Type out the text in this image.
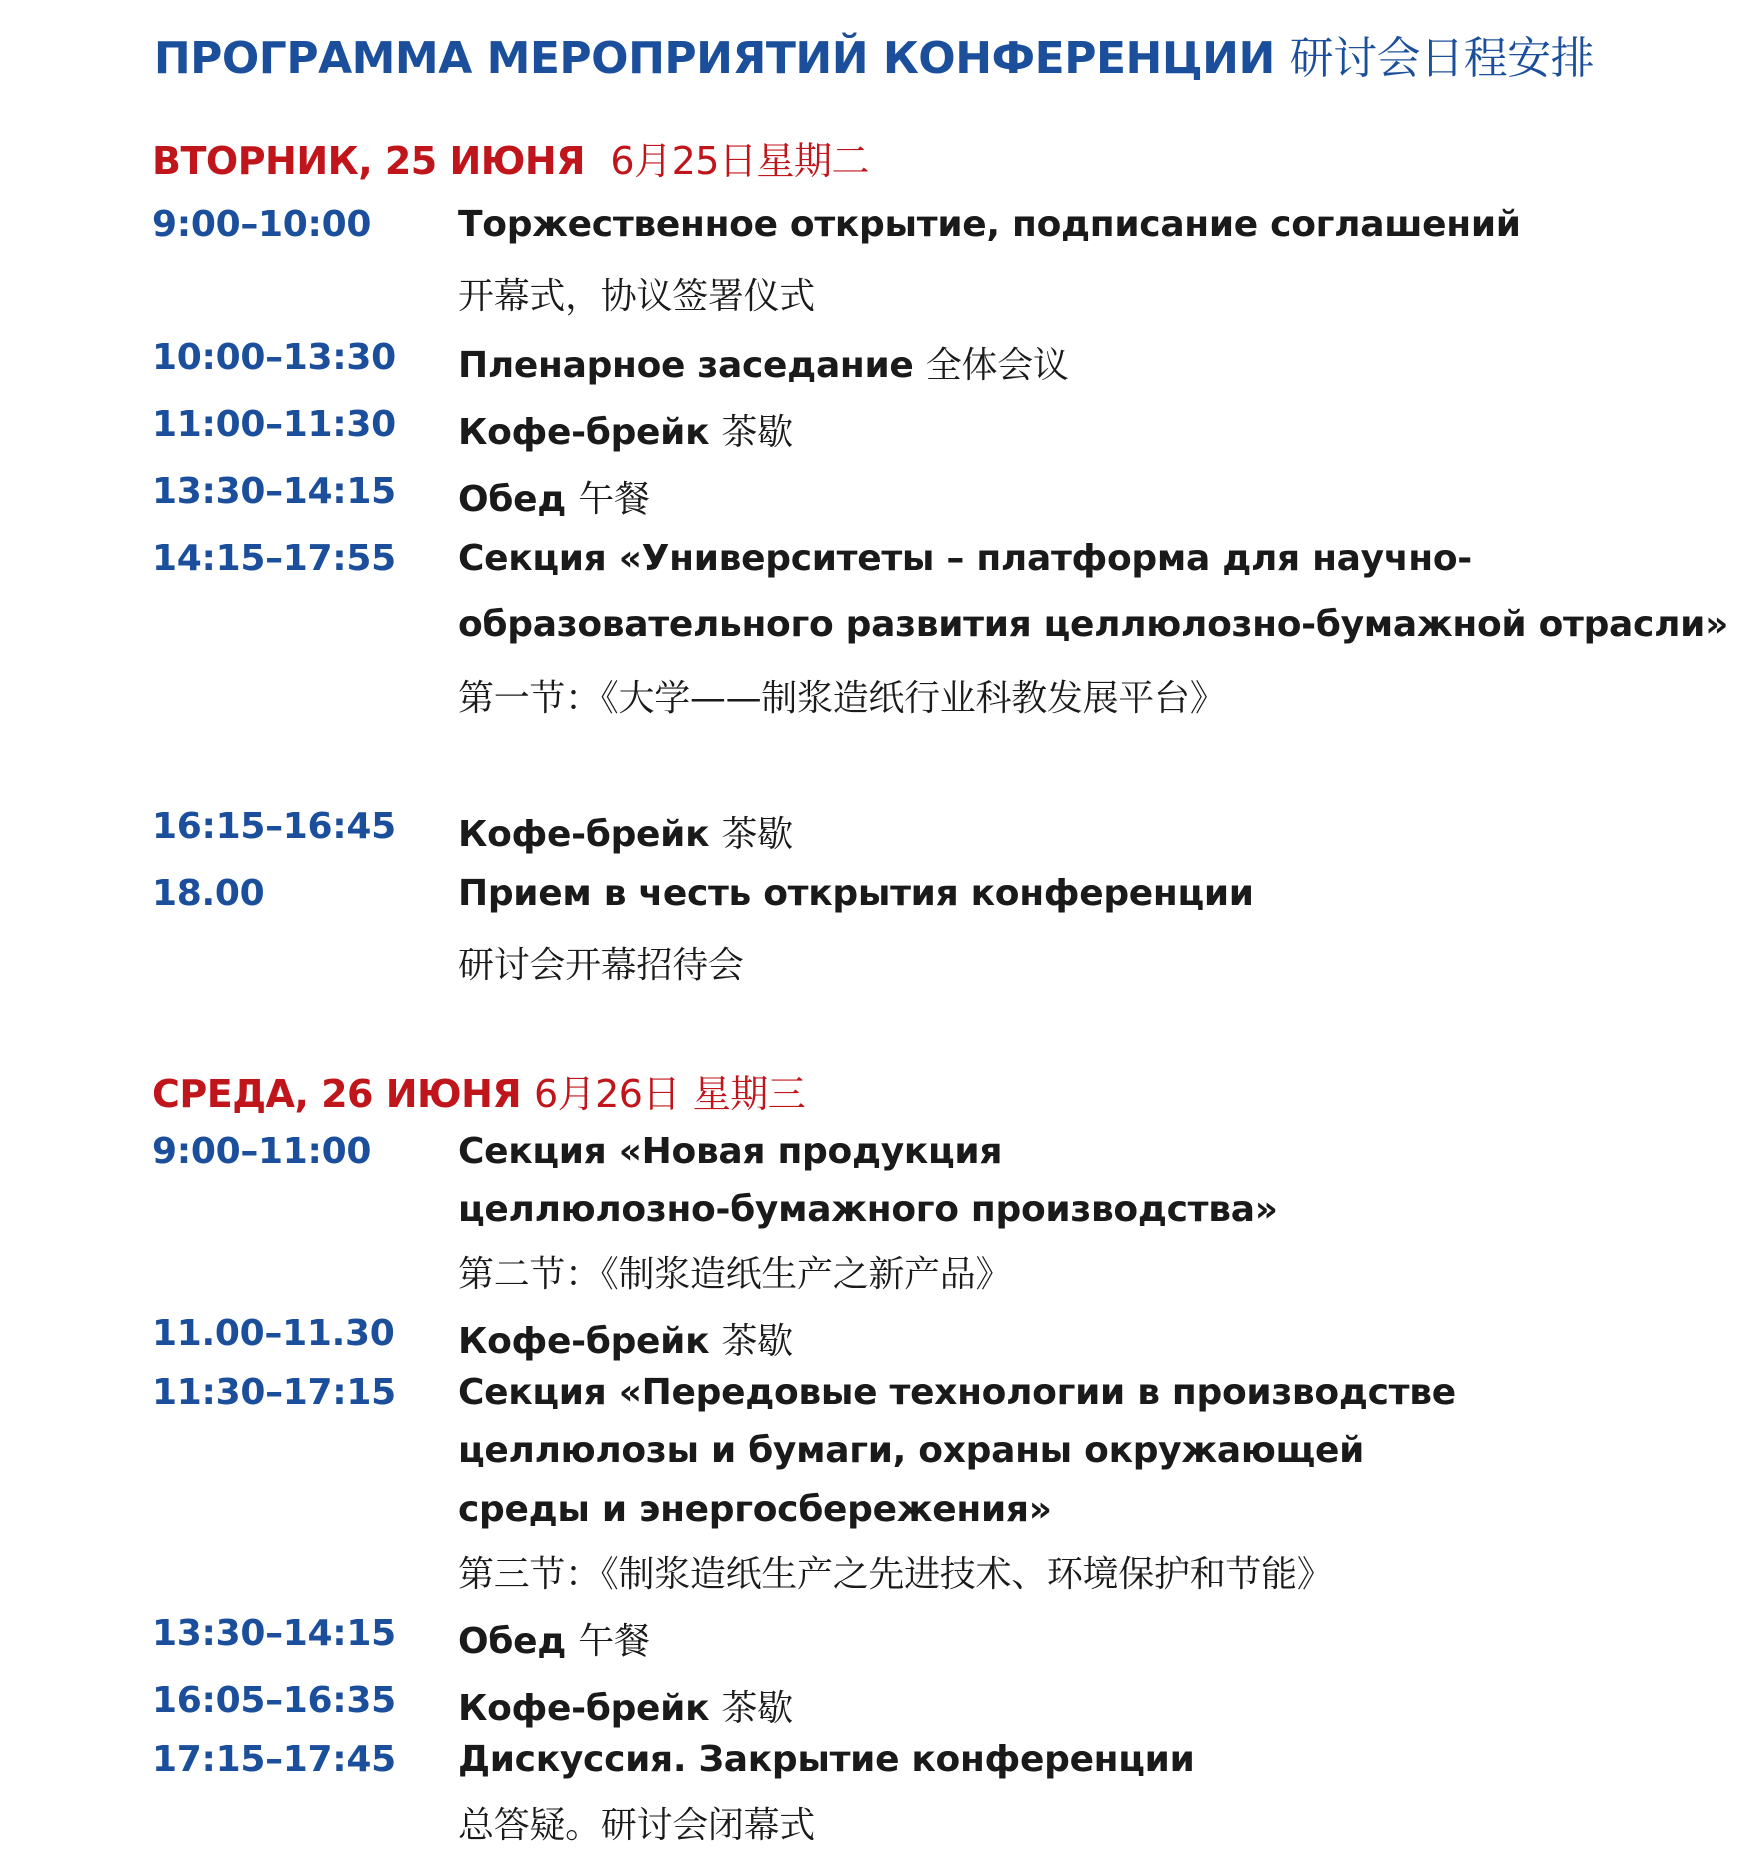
ПРОГРАММА МЕРОПРИЯТИЙ КОНФЕРЕНЦИИ 研讨会日程安排
ВТОРНИК, 25 ИЮНЯ 6月25日星期二
9:00–10:00 Торжественное открытие, подписание соглашений
开幕式，协议签署仪式
10:00–13:30 Пленарное заседание 全体会议
11:00–11:30 Кофе-брейк 茶歇
13:30–14:15 Обед 午餐
14:15–17:55 Секция «Университеты – платформа для научно-
образовательного развития целлюлозно-бумажной отрасли»
第一节：《大学——制浆造纸行业科教发展平台》
16:15–16:45 Кофе-брейк 茶歇
18.00	Прием в честь открытия конференции
研讨会开幕招待会
СРЕДА, 26 ИЮНЯ 6月26日 星期三
9:00–11:00 Секция «Новая продукция
целлюлозно-бумажного производства»
第二节：《制浆造纸生产之新产品》
11.00–11.30 Кофе-брейк 茶歇
11:30–17:15 Секция «Передовые технологии в производстве
целлюлозы и бумаги, охраны окружающей
среды и энергосбережения»
第三节：《制浆造纸生产之先进技术、环境保护和节能》
13:30–14:15 Обед 午餐
16:05–16:35 Кофе-брейк 茶歇
17:15–17:45 Дискуссия. Закрытие конференции
总答疑。研讨会闭幕式
